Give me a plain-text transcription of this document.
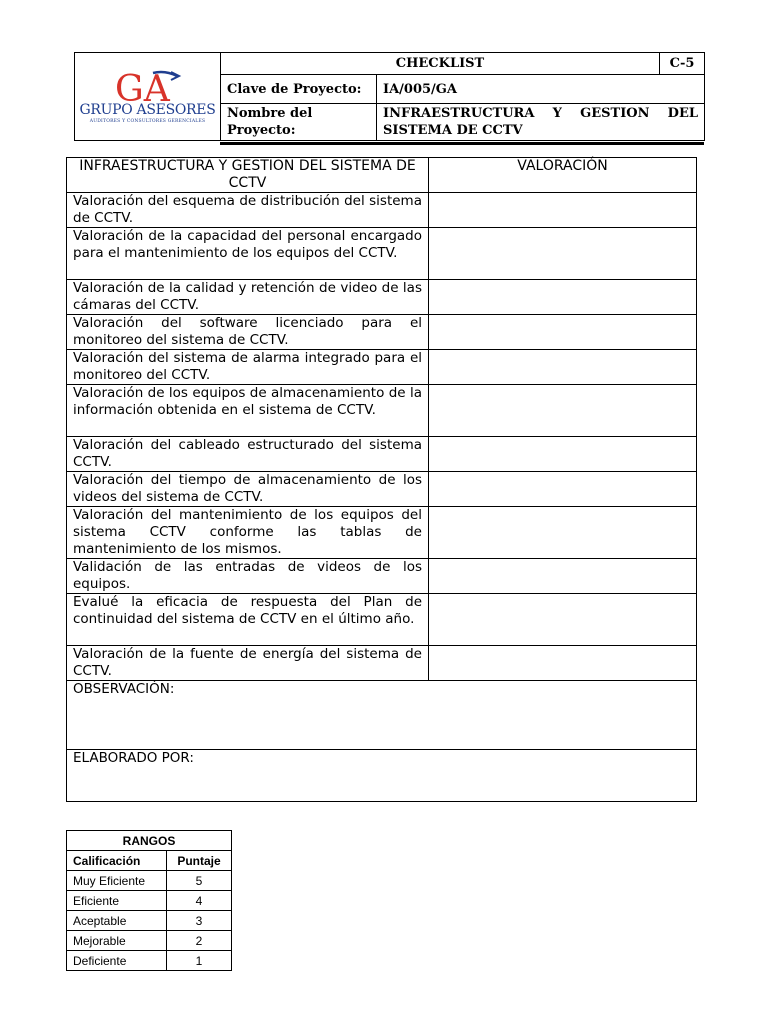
GA
GRUPO ASESORES
AUDITORES Y CONSULTORES GERENCIALES	CHECKLIST		C-5
	Clave de Proyecto:	IA/005/GA	
	Nombre del Proyecto:	INFRAESTRUCTURA Y GESTION DEL SISTEMA DE CCTV	
INFRAESTRUCTURA Y GESTION DEL SISTEMA DE CCTV	VALORACIÓN
Valoración del esquema de distribución del sistema de CCTV.	
Valoración de la capacidad del personal encargado para el mantenimiento de los equipos del CCTV.	
Valoración de la calidad y retención de video de las cámaras del CCTV.	
Valoración del software licenciado para el monitoreo del sistema de CCTV.	
Valoración del sistema de alarma integrado para el monitoreo del CCTV.	
Valoración de los equipos de almacenamiento de la información obtenida en el sistema de CCTV.	
Valoración del cableado estructurado del sistema CCTV.	
Valoración del tiempo de almacenamiento de los videos del sistema de CCTV.	
Valoración del mantenimiento de los equipos del sistema CCTV conforme las tablas de mantenimiento de los mismos.	
Validación de las entradas de videos de los equipos.	
Evalué la eficacia de respuesta del Plan de continuidad del sistema de CCTV en el último año.	
Valoración de la fuente de energía del sistema de CCTV.	
OBSERVACIÓN:	
ELABORADO POR:	
RANGOS	
Calificación	Puntaje
Muy Eficiente	5
Eficiente	4
Aceptable	3
Mejorable	2
Deficiente	1
